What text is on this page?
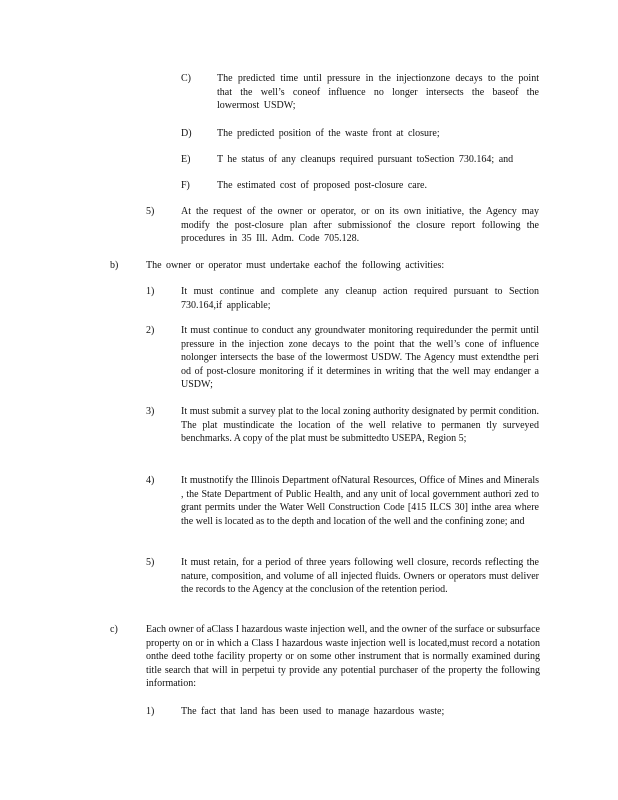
C)	The predicted time until pressure in the injectionzone decays to the point that the well’s coneof influence no longer intersects the baseof the lowermost USDW;
D)	The predicted position of the waste front at closure;
E)	T he status of any cleanups required pursuant toSection 730.164; and
F)	The estimated cost of proposed post-closure care.
5)	At the request of the owner or operator, or on its own initiative, the Agency may modify the post-closure plan after submissionof the closure report following the procedures in 35 Ill. Adm. Code 705.128.
b)	The owner or operator must undertake eachof the following activities:
1)	It must continue and complete any cleanup action required pursuant to Section 730.164,if applicable;
2)	It must continue to conduct any groundwater monitoring requiredunder the permit until pressure in the injection zone decays to the point that the well’s cone of influence nolonger intersects the base of the lowermost USDW. The Agency must extendthe peri od of post-closure monitoring if it determines in writing that the well may endanger a USDW;
3)	It must submit a survey plat to the local zoning authority designated by permit condition. The plat mustindicate the location of the well relative to permanen tly surveyed benchmarks. A copy of the plat must be submittedto USEPA, Region 5;
4)	It mustnotify the Illinois Department ofNatural Resources, Office of Mines and Minerals , the State Department of Public Health, and any unit of local government authori zed to grant permits under the Water Well Construction Code [415 ILCS 30] inthe area where the well is located as to the depth and location of the well and the confining zone; and
5)	It must retain, for a period of three years following well closure, records reflecting the nature, composition, and volume of all injected fluids. Owners or operators must deliver the records to the Agency at the conclusion of the retention period.
c)	Each owner of aClass I hazardous waste injection well, and the owner of the surface or subsurface property on or in which a Class I hazardous waste injection well is located,must record a notation onthe deed tothe facility property or on some other instrument that is normally examined during title search that will in perpetui ty provide any potential purchaser of the property the following information:
1)	The fact that land has been used to manage hazardous waste;
